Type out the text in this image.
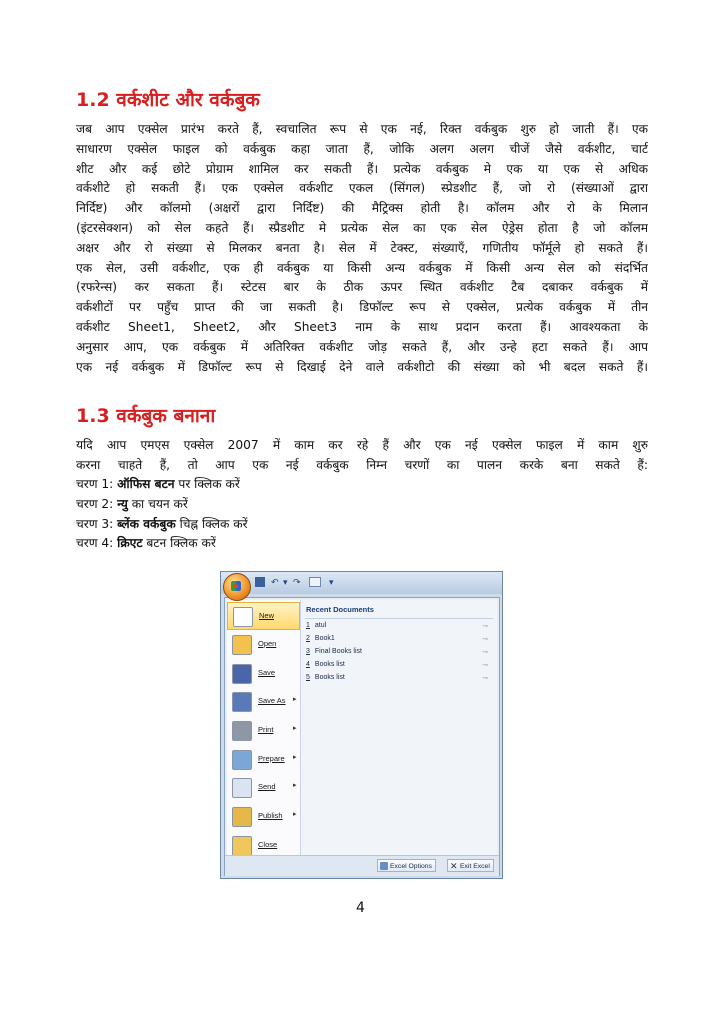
1.2 वर्कशीट और वर्कबुक
जब आप एक्सेल प्रारंभ करते हैं, स्वचालित रूप से एक नई, रिक्त वर्कबुक शुरु हो जाती हैं। एक
साधारण एक्सेल फाइल को वर्कबुक कहा जाता हैं, जोकि अलग अलग चीजें जैसे वर्कशीट, चार्ट
शीट और कई छोटे प्रोग्राम शामिल कर सकती हैं। प्रत्येक वर्कबुक मे एक या एक से अधिक
वर्कशीटे हो सकती हैं। एक एक्सेल वर्कशीट एकल (सिंगल) स्प्रेडशीट हैं, जो रो (संख्याओं द्वारा
निर्दिष्ट) और कॉलमो (अक्षरों द्वारा निर्दिष्ट) की मैट्रिक्स होती है। कॉलम और रो के मिलान
(इंटरसेक्शन) को सेल कहते हैं। स्प्रैडशीट मे प्रत्येक सेल का एक सेल ऐड्रेस होता है जो कॉलम
अक्षर और रो संख्या से मिलकर बनता है। सेल में टेक्स्ट, संख्याएँ, गणितीय फॉर्मूले हो सकते हैं।
एक सेल, उसी वर्कशीट, एक ही वर्कबुक या किसी अन्य वर्कबुक में किसी अन्य सेल को संदर्भित
(रफरेन्स) कर सकता हैं। स्टेटस बार के ठीक ऊपर स्थित वर्कशीट टैब दबाकर वर्कबुक में
वर्कशीटों पर पहुँच प्राप्त की जा सकती है। डिफॉल्ट रूप से एक्सेल, प्रत्येक वर्कबुक में तीन
वर्कशीट Sheet1, Sheet2, और Sheet3 नाम के साथ प्रदान करता हैं। आवश्यकता के
अनुसार आप, एक वर्कबुक में अतिरिक्त वर्कशीट जोड़ सकते हैं, और उन्हे हटा सकते हैं। आप
एक नई वर्कबुक में डिफॉल्ट रूप से दिखाई देने वाले वर्कशीटो की संख्या को भी बदल सकते हैं।
1.3 वर्कबुक बनाना
यदि आप एमएस एक्सेल 2007 में काम कर रहे हैं और एक नई एक्सेल फाइल में काम शुरु
करना चाहते हैं, तो आप एक नई वर्कबुक निम्न चरणों का पालन करके बना सकते हैं:
चरण 1: ऑफिस बटन पर क्लिक करें
चरण 2: न्यु का चयन करें
चरण 3: ब्लेंक वर्कबुक चिह्न क्लिक करें
चरण 4: क्रिएट बटन क्लिक करें
↶ ▾ ↷	▾
New
Open
Save
Save As ▸
Print	▸
Prepare ▸
Send ▸
Publish ▸
Close
Recent Documents
1 atul	⊸
2 Book1	⊸
3 Final Books list	⊸
4 Books list	⊸
5 Books list	⊸
Excel Options	✕ Exit Excel
4
